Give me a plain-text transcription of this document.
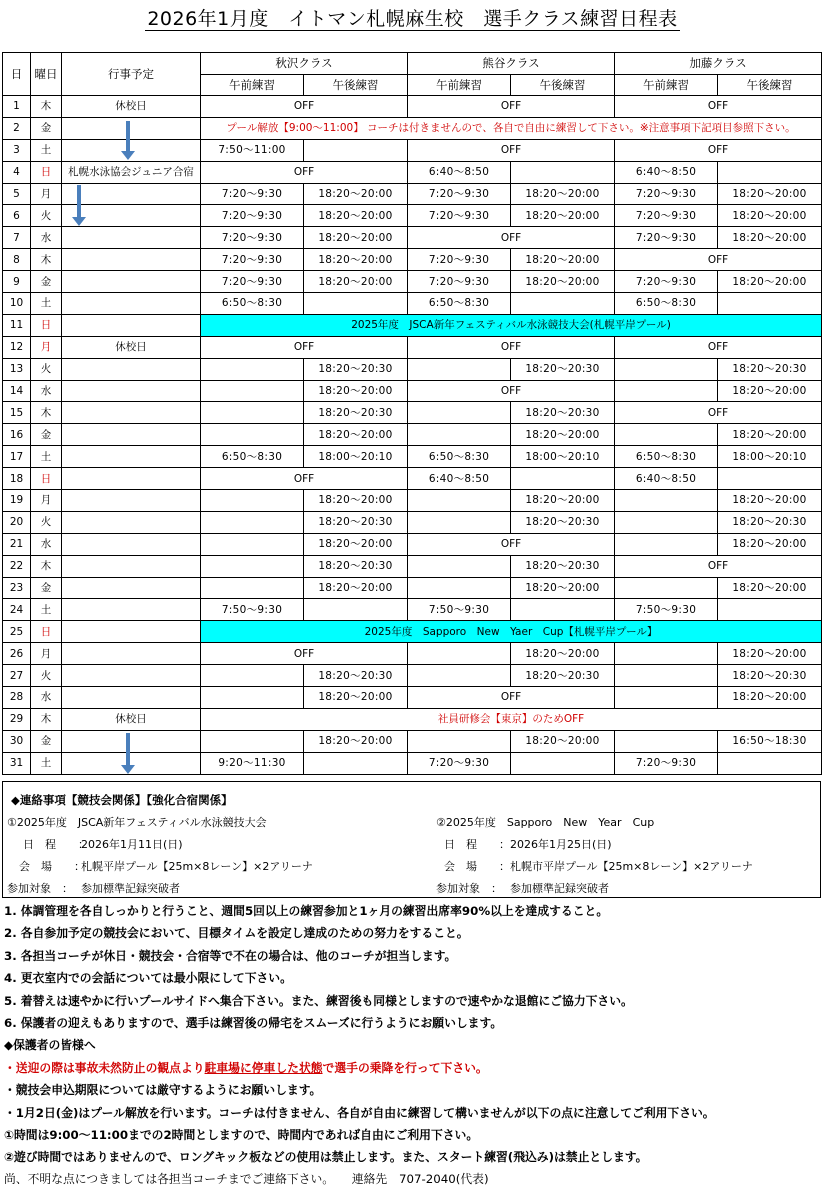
2026年1月度　イトマン札幌麻生校　選手クラス練習日程表
日	曜日	行事予定	秋沢クラス		熊谷クラス		加藤クラス	
			午前練習	午後練習	午前練習	午後練習	午前練習	午後練習
1	木	休校日	OFF		OFF		OFF	
2	金		プール解放【9:00～11:00】 コーチは付きませんので、各自で自由に練習して下さい。※注意事項下記項目参照下さい。					
3	土		7:50～11:00		OFF		OFF	
4	日	札幌水泳協会ジュニア合宿	OFF		6:40～8:50		6:40～8:50	
5	月		7:20～9:30	18:20～20:00	7:20～9:30	18:20～20:00	7:20～9:30	18:20～20:00
6	火		7:20～9:30	18:20～20:00	7:20～9:30	18:20～20:00	7:20～9:30	18:20～20:00
7	水		7:20～9:30	18:20～20:00	OFF		7:20～9:30	18:20～20:00
8	木		7:20～9:30	18:20～20:00	7:20～9:30	18:20～20:00	OFF	
9	金		7:20～9:30	18:20～20:00	7:20～9:30	18:20～20:00	7:20～9:30	18:20～20:00
10	土		6:50～8:30		6:50～8:30		6:50～8:30	
11	日		2025年度　JSCA新年フェスティバル水泳競技大会(札幌平岸プール)					
12	月	休校日	OFF		OFF		OFF	
13	火			18:20～20:30		18:20～20:30		18:20～20:30
14	水			18:20～20:00	OFF			18:20～20:00
15	木			18:20～20:30		18:20～20:30	OFF	
16	金			18:20～20:00		18:20～20:00		18:20～20:00
17	土		6:50～8:30	18:00～20:10	6:50～8:30	18:00～20:10	6:50～8:30	18:00～20:10
18	日		OFF		6:40～8:50		6:40～8:50	
19	月			18:20～20:00		18:20～20:00		18:20～20:00
20	火			18:20～20:30		18:20～20:30		18:20～20:30
21	水			18:20～20:00	OFF			18:20～20:00
22	木			18:20～20:30		18:20～20:30	OFF	
23	金			18:20～20:00		18:20～20:00		18:20～20:00
24	土		7:50～9:30		7:50～9:30		7:50～9:30	
25	日		2025年度　Sapporo　New　Yaer　Cup【札幌平岸プール】					
26	月		OFF			18:20～20:00		18:20～20:00
27	火			18:20～20:30		18:20～20:30		18:20～20:30
28	水			18:20～20:00	OFF			18:20～20:00
29	木	休校日	社員研修会【東京】のためOFF					
30	金			18:20～20:00		18:20～20:00		16:50～18:30
31	土		9:20～11:30		7:20～9:30		7:20～9:30	
◆連絡事項【競技会関係】【強化合宿関係】
①2025年度　JSCA新年フェスティバル水泳競技大会
日　程　　：2026年1月11日(日)
会　場　　：札幌平岸プール【25m×8レーン】×2アリーナ
参加対象　： 参加標準記録突破者
②2025年度　Sapporo　New　Year　Cup
日　程　　：2026年1月25日(日)
会　場　　：札幌市平岸プール【25m×8レーン】×2アリーナ
参加対象　： 参加標準記録突破者
1. 体調管理を各自しっかりと行うこと、週間5回以上の練習参加と1ヶ月の練習出席率90%以上を達成すること。
2. 各自参加予定の競技会において、目標タイムを設定し達成のための努力をすること。
3. 各担当コーチが休日・競技会・合宿等で不在の場合は、他のコーチが担当します。
4. 更衣室内での会話については最小限にして下さい。
5. 着替えは速やかに行いプールサイドへ集合下さい。また、練習後も同様としますので速やかな退館にご協力下さい。
6. 保護者の迎えもありますので、選手は練習後の帰宅をスムーズに行うようにお願いします。
◆保護者の皆様へ
・送迎の際は事故未然防止の観点より駐車場に停車した状態で選手の乗降を行って下さい。
・競技会申込期限については厳守するようにお願いします。
・1月2日(金)はプール解放を行います。コーチは付きません、各自が自由に練習して構いませんが以下の点に注意してご利用下さい。
①時間は9:00～11:00までの2時間としますので、時間内であれば自由にご利用下さい。
②遊び時間ではありませんので、ロングキック板などの使用は禁止します。また、スタート練習(飛込み)は禁止とします。
尚、不明な点につきましては各担当コーチまでご連絡下さい。　　連絡先　707-2040(代表)
